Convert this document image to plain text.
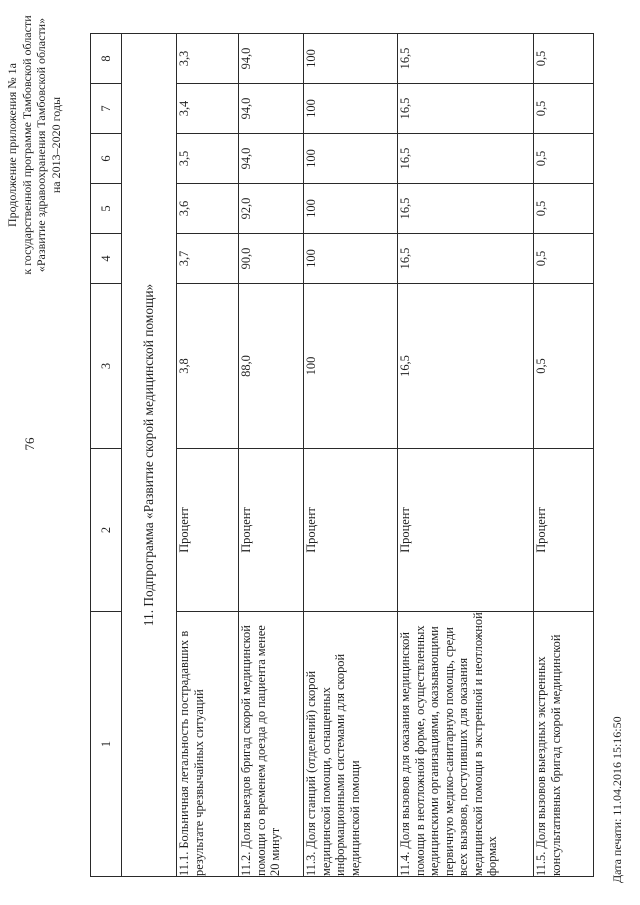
76
Продолжение приложения № 1а к государственной программе Тамбовской области «Развитие здравоохранения Тамбовской области» на 2013–2020 годы
1	2	3	4	5	6	7	8
11. Подпрограмма «Развитие скорой медицинской помощи»							
11.1. Больничная летальность пострадавших в результате чрезвычайных ситуаций	Процент	3,8	3,7	3,6	3,5	3,4	3,3
11.2. Доля выездов бригад скорой медицинской помощи со временем доезда до пациента менее 20 минут	Процент	88,0	90,0	92,0	94,0	94,0	94,0
11.3. Доля станций (отделений) скорой медицинской помощи, оснащенных информационными системами для скорой медицинской помощи	Процент	100	100	100	100	100	100
11.4. Доля вызовов для оказания медицинской помощи в неотложной форме, осуществленных медицинскими организациями, оказывающими первичную медико-санитарную помощь, среди всех вызовов, поступивших для оказания медицинской помощи в экстренной и неотложной формах	Процент	16,5	16,5	16,5	16,5	16,5	16,5
11.5. Доля вызовов выездных экстренных консультативных бригад скорой медицинской	Процент	0,5	0,5	0,5	0,5	0,5	0,5
Дата печати: 11.04.2016 15:16:50
